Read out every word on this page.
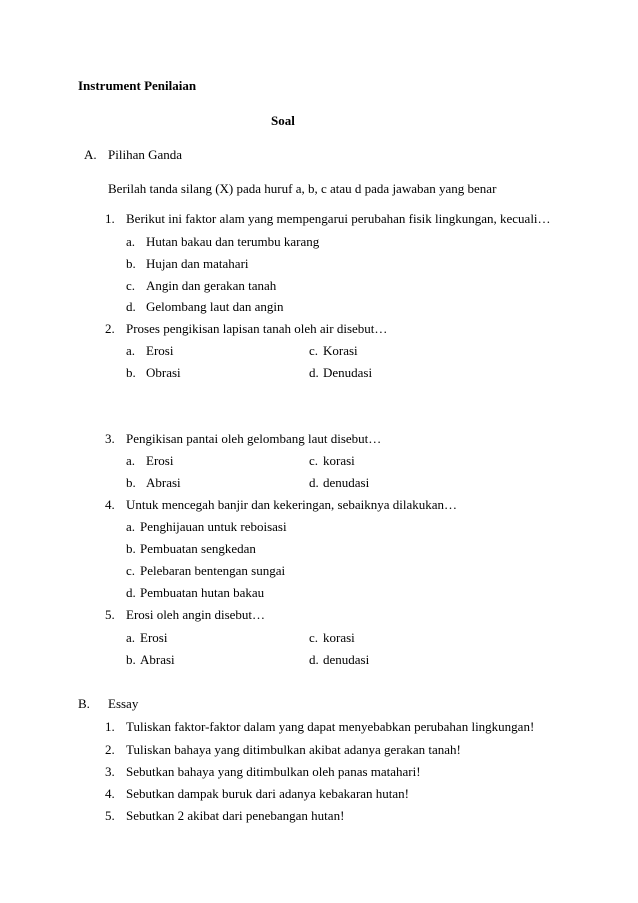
Instrument Penilaian
Soal
A. Pilihan Ganda
Berilah tanda silang (X) pada huruf a, b, c atau d pada jawaban yang benar
1. Berikut ini faktor alam yang mempengarui perubahan fisik lingkungan, kecuali…
a. Hutan bakau dan terumbu karang
b. Hujan dan matahari
c. Angin dan gerakan tanah
d. Gelombang laut dan angin
2. Proses pengikisan lapisan tanah oleh air disebut…
a. Erosi	c. Korasi
b. Obrasi	d. Denudasi
3. Pengikisan pantai oleh gelombang laut disebut…
a. Erosi	c. korasi
b. Abrasi	d. denudasi
4. Untuk mencegah banjir dan kekeringan, sebaiknya dilakukan…
a. Penghijauan untuk reboisasi
b. Pembuatan sengkedan
c. Pelebaran bentengan sungai
d. Pembuatan hutan bakau
5. Erosi oleh angin disebut…
a. Erosi	c. korasi
b. Abrasi	d. denudasi
B. Essay
1. Tuliskan faktor-faktor dalam yang dapat menyebabkan perubahan lingkungan!
2. Tuliskan bahaya yang ditimbulkan akibat adanya gerakan tanah!
3. Sebutkan bahaya yang ditimbulkan oleh panas matahari!
4. Sebutkan dampak buruk dari adanya kebakaran hutan!
5. Sebutkan 2 akibat dari penebangan hutan!
